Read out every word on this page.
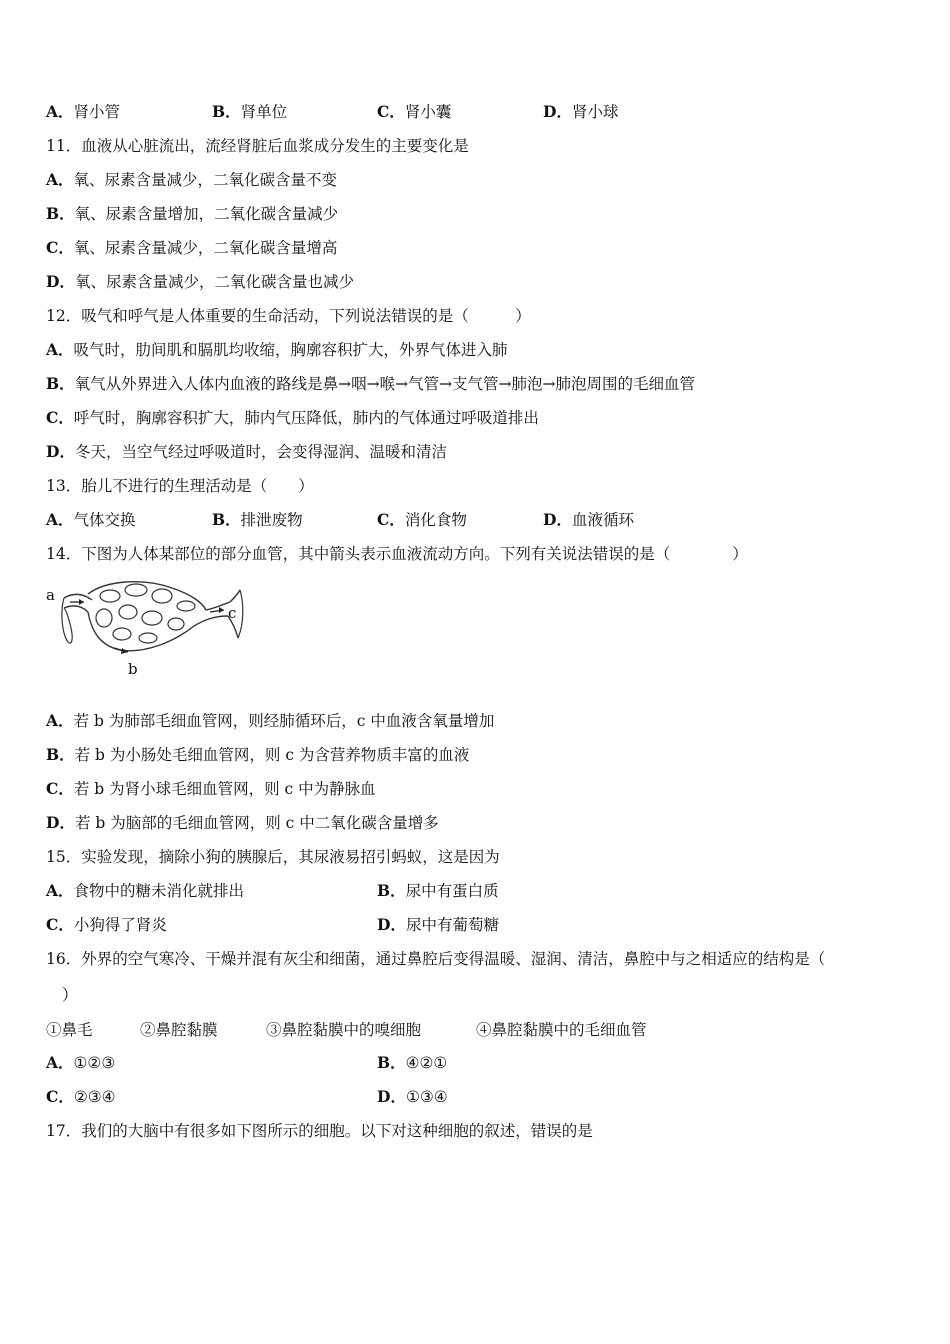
A．肾小管	B．肾单位	C．肾小囊	D．肾小球
11．血液从心脏流出，流经肾脏后血浆成分发生的主要变化是
A．氧、尿素含量减少，二氧化碳含量不变
B．氧、尿素含量增加，二氧化碳含量减少
C．氧、尿素含量减少，二氧化碳含量增高
D．氧、尿素含量减少，二氧化碳含量也减少
12．吸气和呼气是人体重要的生命活动，下列说法错误的是（　　　）
A．吸气时，肋间肌和膈肌均收缩，胸廓容积扩大，外界气体进入肺
B．氧气从外界进入人体内血液的路线是鼻→咽→喉→气管→支气管→肺泡→肺泡周围的毛细血管
C．呼气时，胸廓容积扩大，肺内气压降低，肺内的气体通过呼吸道排出
D．冬天，当空气经过呼吸道时，会变得湿润、温暖和清洁
13．胎儿不进行的生理活动是（　　）
A．气体交换	B．排泄废物	C．消化食物	D．血液循环
14．下图为人体某部位的部分血管，其中箭头表示血液流动方向。下列有关说法错误的是（　　　　）
a
c
b
A．若 b 为肺部毛细血管网，则经肺循环后，c 中血液含氧量增加
B．若 b 为小肠处毛细血管网，则 c 为含营养物质丰富的血液
C．若 b 为肾小球毛细血管网，则 c 中为静脉血
D．若 b 为脑部的毛细血管网，则 c 中二氧化碳含量增多
15．实验发现，摘除小狗的胰腺后，其尿液易招引蚂蚁，这是因为
A．食物中的糖未消化就排出	B．尿中有蛋白质
C．小狗得了肾炎	D．尿中有葡萄糖
16．外界的空气寒冷、干燥并混有灰尘和细菌，通过鼻腔后变得温暖、湿润、清洁，鼻腔中与之相适应的结构是（
）
①鼻毛	②鼻腔黏膜	③鼻腔黏膜中的嗅细胞	④鼻腔黏膜中的毛细血管
A．①②③	B．④②①
C．②③④	D．①③④
17．我们的大脑中有很多如下图所示的细胞。以下对这种细胞的叙述，错误的是
